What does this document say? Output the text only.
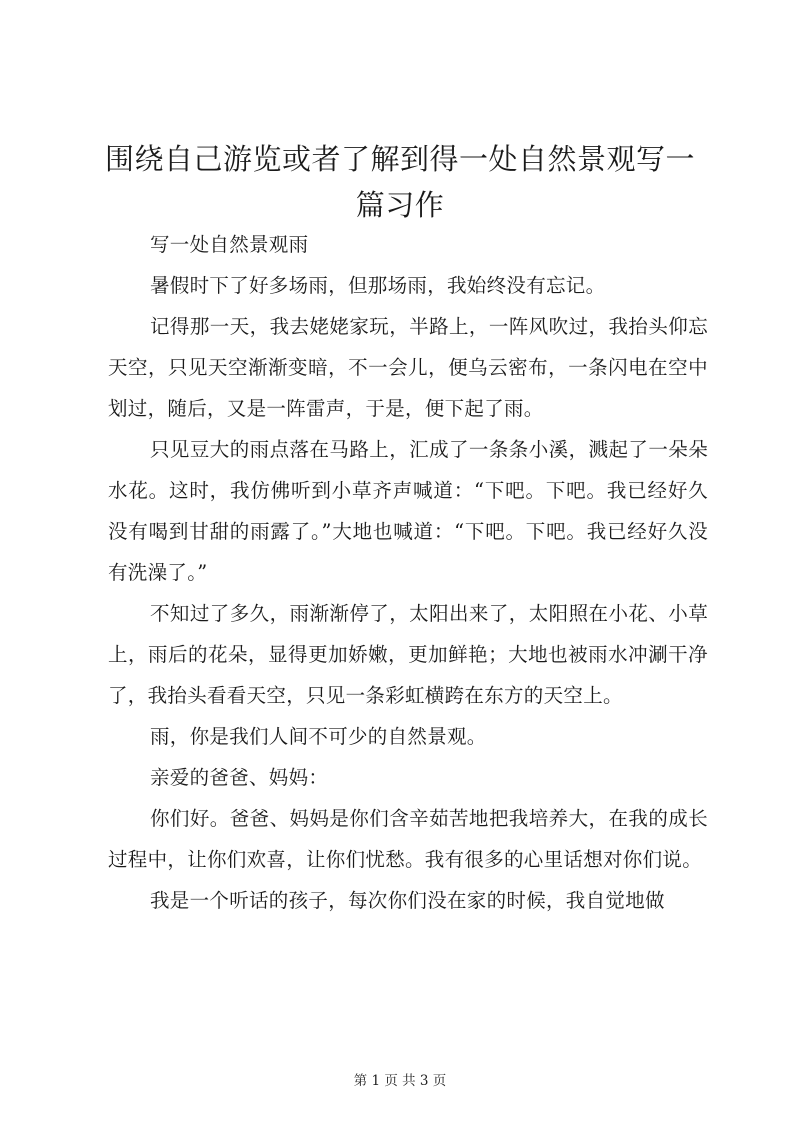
围绕自己游览或者了解到得一处自然景观写一篇习作

写一处自然景观雨

暑假时下了好多场雨，但那场雨，我始终没有忘记。

记得那一天，我去姥姥家玩，半路上，一阵风吹过，我抬头仰忘天空，只见天空渐渐变暗，不一会儿，便乌云密布，一条闪电在空中划过，随后，又是一阵雷声，于是，便下起了雨。

只见豆大的雨点落在马路上，汇成了一条条小溪，溅起了一朵朵水花。这时，我仿佛听到小草齐声喊道：“下吧。下吧。我已经好久没有喝到甘甜的雨露了。”大地也喊道：“下吧。下吧。我已经好久没有洗澡了。”

不知过了多久，雨渐渐停了，太阳出来了，太阳照在小花、小草上，雨后的花朵，显得更加娇嫩，更加鲜艳；大地也被雨水冲涮干净了，我抬头看看天空，只见一条彩虹横跨在东方的天空上。

雨，你是我们人间不可少的自然景观。

亲爱的爸爸、妈妈：

你们好。爸爸、妈妈是你们含辛茹苦地把我培养大，在我的成长过程中，让你们欢喜，让你们忧愁。我有很多的心里话想对你们说。

我是一个听话的孩子，每次你们没在家的时候，我自觉地做

第 1 页 共 3 页
